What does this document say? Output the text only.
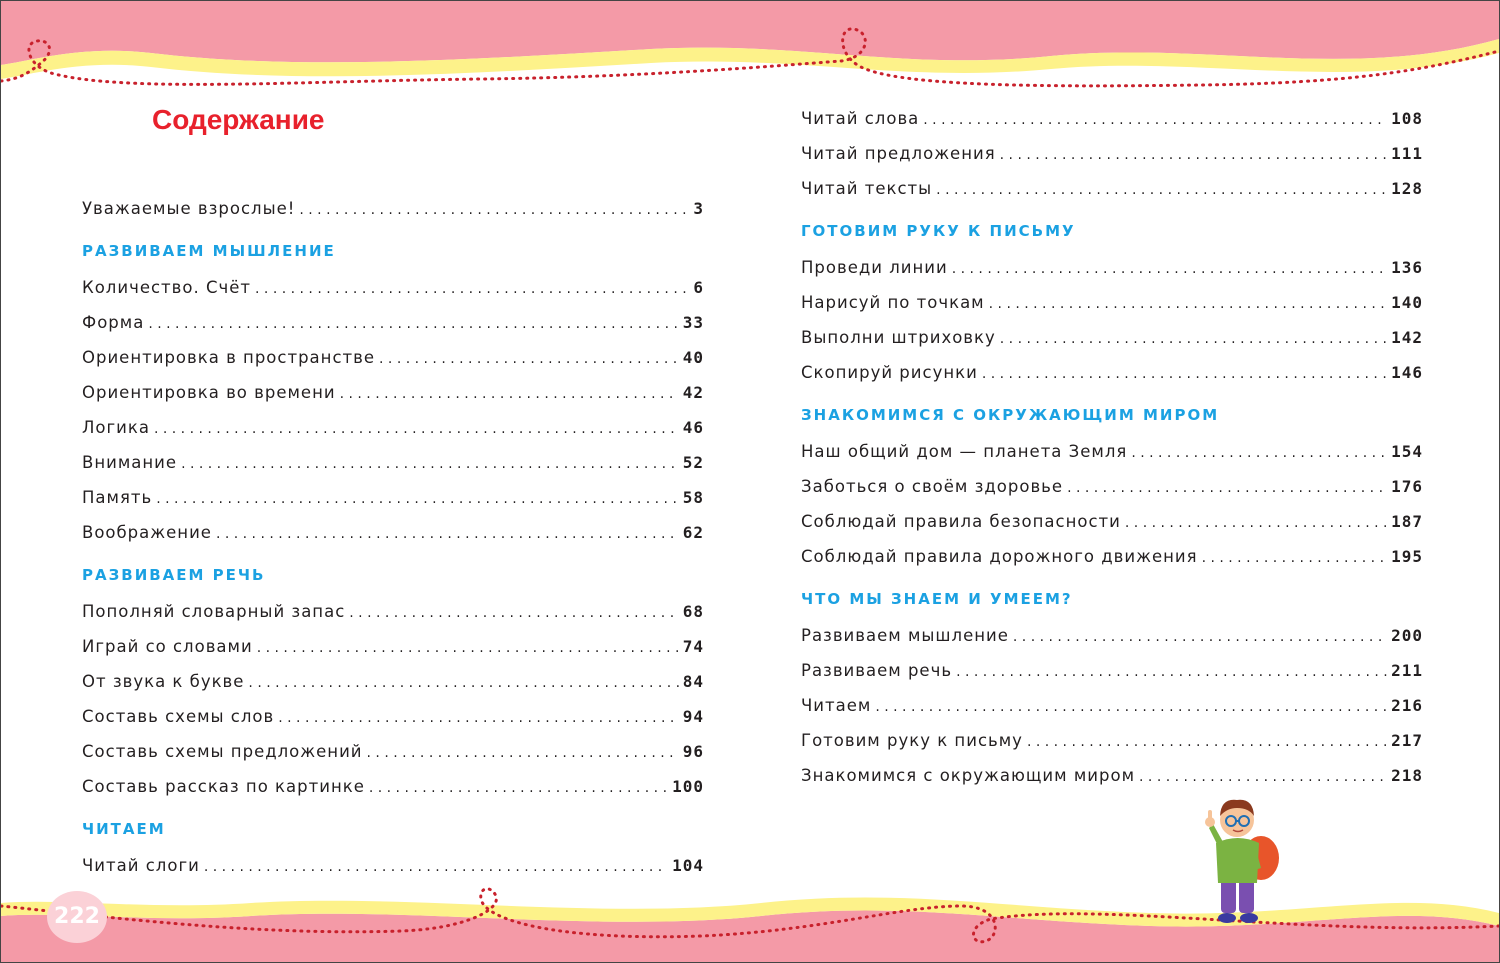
Содержание
Уважаемые взрослые! . . .	3
РАЗВИВАЕМ МЫШЛЕНИЕ
Количество. Счёт . . .	6
Форма . . .	33
Ориентировка в пространстве . . .	40
Ориентировка во времени . . .	42
Логика . . .	46
Внимание . . .	52
Память . . .	58
Воображение . . .	62
РАЗВИВАЕМ РЕЧЬ
Пополняй словарный запас . . .	68
Играй со словами . . .	74
От звука к букве . . .	84
Составь схемы слов . . .	94
Составь схемы предложений . . .	96
Составь рассказ по картинке . . .	100
ЧИТАЕМ
Читай слоги . . .	104
Читай слова . . .	108
Читай предложения . . .	111
Читай тексты . . .	128
ГОТОВИМ РУКУ К ПИСЬМУ
Проведи линии . . .	136
Нарисуй по точкам . . .	140
Выполни штриховку . . .	142
Скопируй рисунки . . .	146
ЗНАКОМИМСЯ С ОКРУЖАЮЩИМ МИРОМ
Наш общий дом — планета Земля . . .	154
Заботься о своём здоровье . . .	176
Соблюдай правила безопасности . . .	187
Соблюдай правила дорожного движения . . .	195
ЧТО МЫ ЗНАЕМ И УМЕЕМ?
Развиваем мышление . . .	200
Развиваем речь . . .	211
Читаем . . .	216
Готовим руку к письму . . .	217
Знакомимся с окружающим миром . . .	218
222
